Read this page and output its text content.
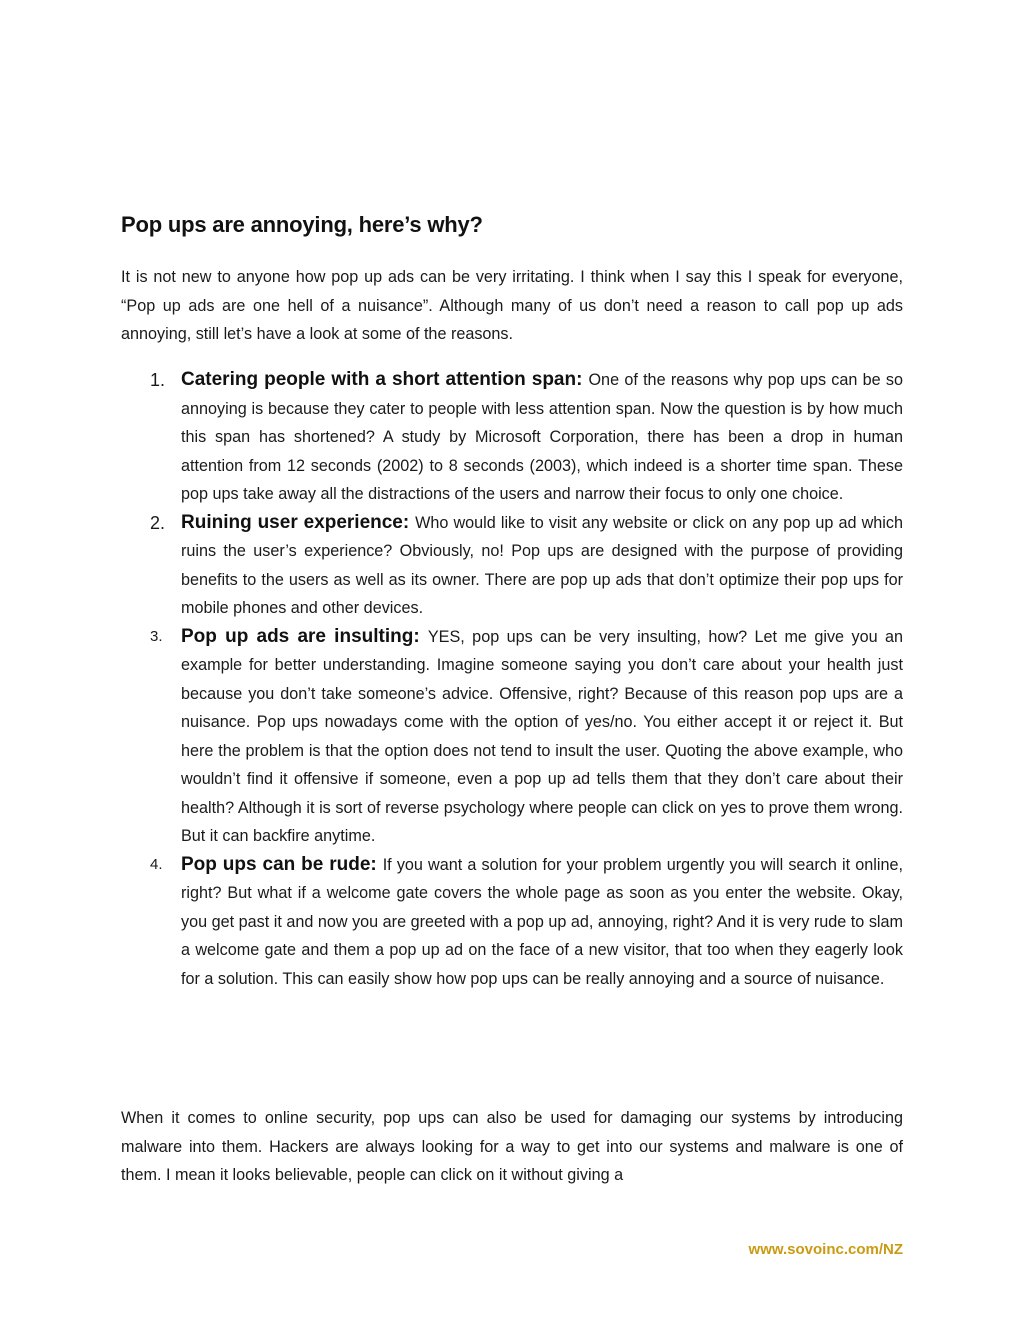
Pop ups are annoying, here’s why?

It is not new to anyone how pop up ads can be very irritating. I think when I say this I speak for everyone, “Pop up ads are one hell of a nuisance”. Although many of us don’t need a reason to call pop up ads annoying, still let’s have a look at some of the reasons.

1. Catering people with a short attention span: One of the reasons why pop ups can be so annoying is because they cater to people with less attention span. Now the question is by how much this span has shortened? A study by Microsoft Corporation, there has been a drop in human attention from 12 seconds (2002) to 8 seconds (2003), which indeed is a shorter time span. These pop ups take away all the distractions of the users and narrow their focus to only one choice.
2. Ruining user experience: Who would like to visit any website or click on any pop up ad which ruins the user’s experience? Obviously, no! Pop ups are designed with the purpose of providing benefits to the users as well as its owner. There are pop up ads that don’t optimize their pop ups for mobile phones and other devices.
3. Pop up ads are insulting: YES, pop ups can be very insulting, how? Let me give you an example for better understanding. Imagine someone saying you don’t care about your health just because you don’t take someone’s advice. Offensive, right? Because of this reason pop ups are a nuisance. Pop ups nowadays come with the option of yes/no. You either accept it or reject it. But here the problem is that the option does not tend to insult the user. Quoting the above example, who wouldn’t find it offensive if someone, even a pop up ad tells them that they don’t care about their health? Although it is sort of reverse psychology where people can click on yes to prove them wrong. But it can backfire anytime.
4. Pop ups can be rude: If you want a solution for your problem urgently you will search it online, right? But what if a welcome gate covers the whole page as soon as you enter the website. Okay, you get past it and now you are greeted with a pop up ad, annoying, right? And it is very rude to slam a welcome gate and them a pop up ad on the face of a new visitor, that too when they eagerly look for a solution. This can easily show how pop ups can be really annoying and a source of nuisance.

When it comes to online security, pop ups can also be used for damaging our systems by introducing malware into them. Hackers are always looking for a way to get into our systems and malware is one of them. I mean it looks believable, people can click on it without giving a

www.sovoinc.com/NZ
